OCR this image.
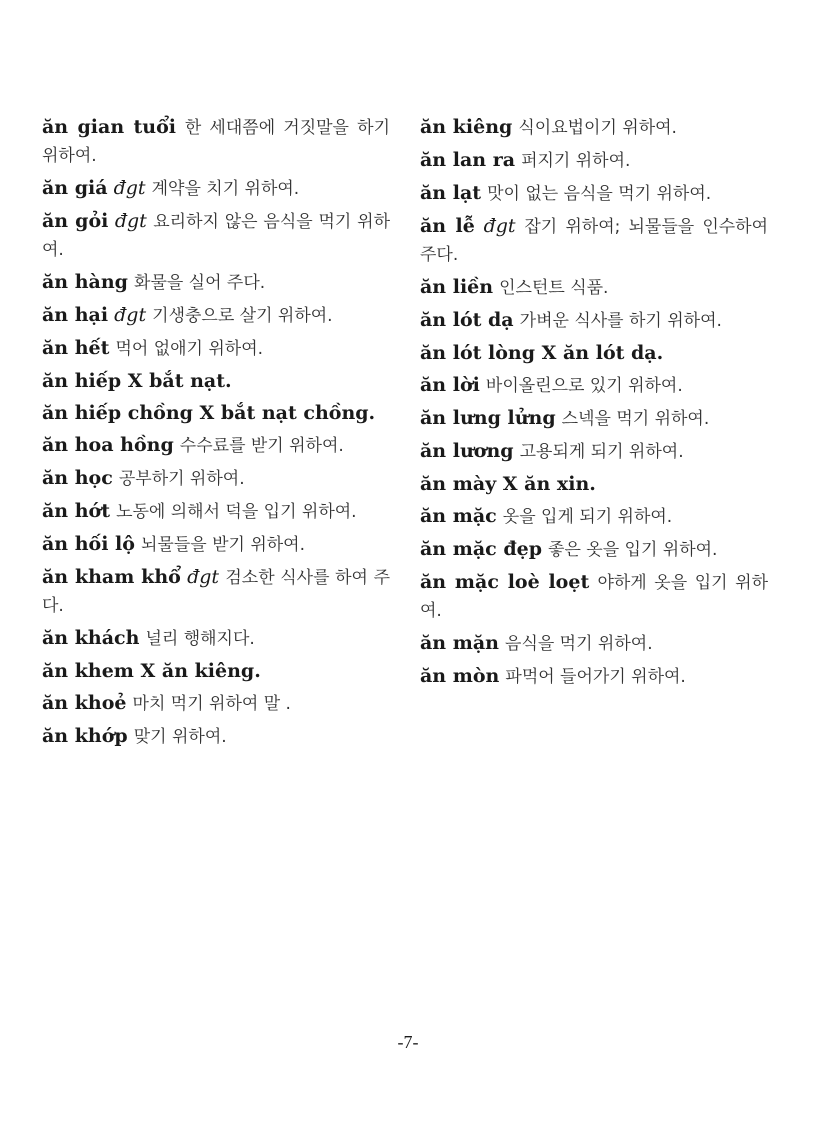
ăn gian tuổi 한 세대쯤에 거짓말을 하기 위하여.

ăn giá đgt 계약을 치기 위하여.

ăn gỏi đgt 요리하지 않은 음식을 먹기 위하여.

ăn hàng 화물을 실어 주다.

ăn hại đgt 기생충으로 살기 위하여.

ăn hết 먹어 없애기 위하여.

ăn hiếp X bắt nạt.

ăn hiếp chồng X bắt nạt chồng.

ăn hoa hồng 수수료를 받기 위하여.

ăn học 공부하기 위하여.

ăn hớt 노동에 의해서 덕을 입기 위하여.

ăn hối lộ 뇌물들을 받기 위하여.

ăn kham khổ đgt 검소한 식사를 하여 주다.

ăn khách 널리 행해지다.

ăn khem X ăn kiêng.

ăn khoẻ 마치 먹기 위하여 말 .

ăn khớp 맞기 위하여.

ăn kiêng 식이요법이기 위하여.

ăn lan ra 퍼지기 위하여.

ăn lạt 맛이 없는 음식을 먹기 위하여.

ăn lễ đgt 잡기 위하여; 뇌물들을 인수하여 주다.

ăn liền 인스턴트 식품.

ăn lót dạ 가벼운 식사를 하기 위하여.

ăn lót lòng X ăn lót dạ.

ăn lời 바이올린으로 있기 위하여.

ăn lưng lửng 스넥을 먹기 위하여.

ăn lương 고용되게 되기 위하여.

ăn mày X ăn xin.

ăn mặc 옷을 입게 되기 위하여.

ăn mặc đẹp 좋은 옷을 입기 위하여.

ăn mặc loè loẹt 야하게 옷을 입기 위하여.

ăn mặn 음식을 먹기 위하여.

ăn mòn 파먹어 들어가기 위하여.

-7-
